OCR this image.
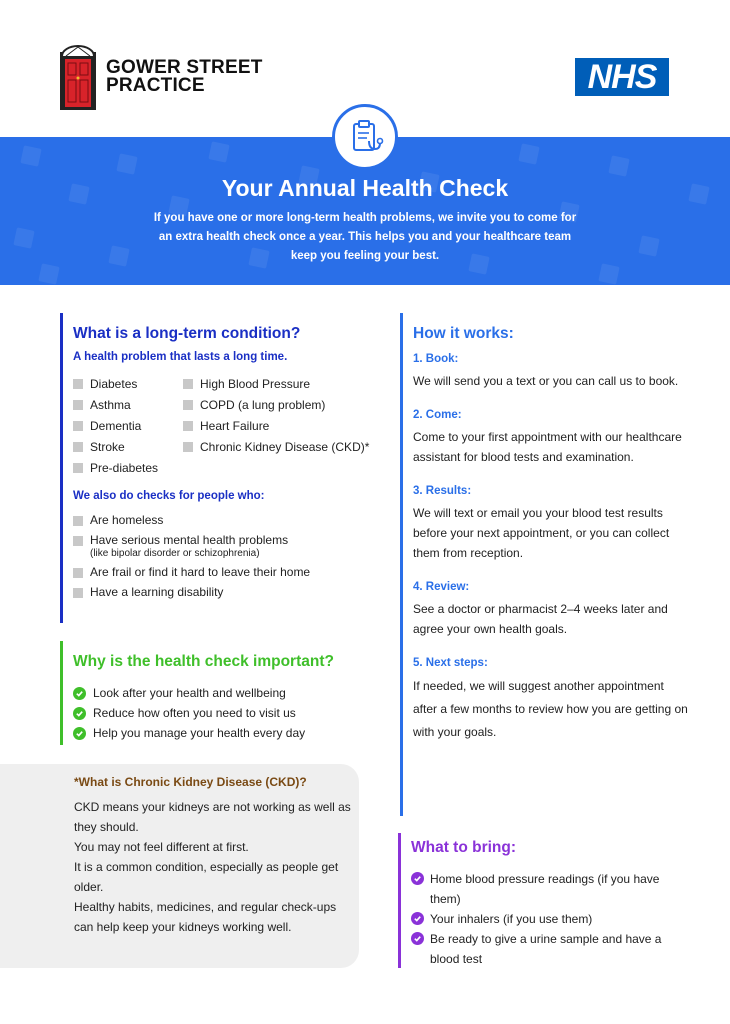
GOWER STREET
PRACTICE	NHS
Your Annual Health Check
If you have one or more long-term health problems, we invite you to come for an extra health check once a year. This helps you and your healthcare team keep you feeling your best.
What is a long-term condition?
A health problem that lasts a long time.
Diabetes	High Blood Pressure
Asthma	COPD (a lung problem)
Dementia	Heart Failure
Stroke	Chronic Kidney Disease (CKD)*
Pre-diabetes
We also do checks for people who:
Are homeless
Have serious mental health problems
(like bipolar disorder or schizophrenia)
Are frail or find it hard to leave their home
Have a learning disability
Why is the health check important?
Look after your health and wellbeing
Reduce how often you need to visit us
Help you manage your health every day
*What is Chronic Kidney Disease (CKD)?
CKD means your kidneys are not working as well as they should.
You may not feel different at first.
It is a common condition, especially as people get older.
Healthy habits, medicines, and regular check-ups can help keep your kidneys working well.
How it works:
1. Book:
We will send you a text or you can call us to book.
2. Come:
Come to your first appointment with our healthcare assistant for blood tests and examination.
3. Results:
We will text or email you your blood test results before your next appointment, or you can collect them from reception.
4. Review:
See a doctor or pharmacist 2–4 weeks later and agree your own health goals.
5. Next steps:
If needed, we will suggest another appointment after a few months to review how you are getting on with your goals.
What to bring:
Home blood pressure readings (if you have them)
Your inhalers (if you use them)
Be ready to give a urine sample and have a blood test
